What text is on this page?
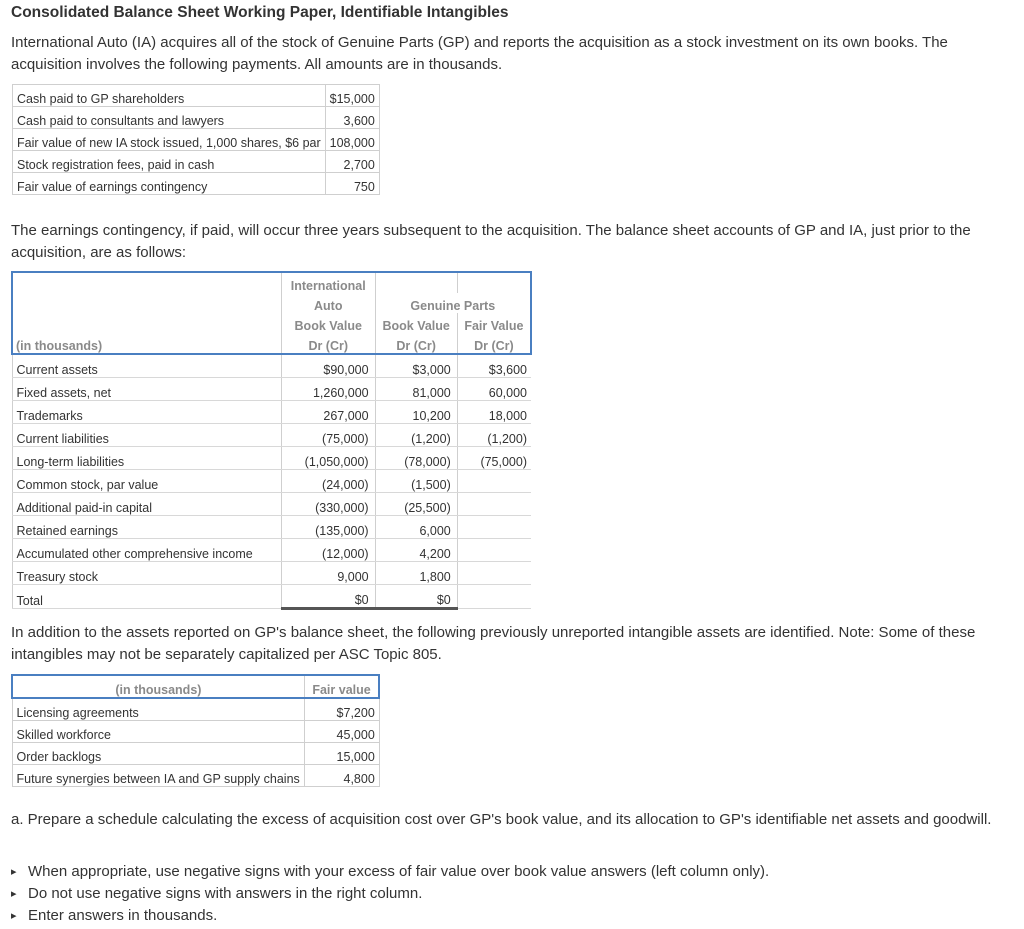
Consolidated Balance Sheet Working Paper, Identifiable Intangibles
International Auto (IA) acquires all of the stock of Genuine Parts (GP) and reports the acquisition as a stock investment on its own books. The acquisition involves the following payments. All amounts are in thousands.
Cash paid to GP shareholders	$15,000
Cash paid to consultants and lawyers	3,600
Fair value of new IA stock issued, 1,000 shares, $6 par	108,000
Stock registration fees, paid in cash	2,700
Fair value of earnings contingency	750
The earnings contingency, if paid, will occur three years subsequent to the acquisition. The balance sheet accounts of GP and IA, just prior to the acquisition, are as follows:
	International		
	Auto	Genuine Parts	
	Book Value	Book Value	Fair Value
(in thousands)	Dr (Cr)	Dr (Cr)	Dr (Cr)
Current assets	$90,000	$3,000	$3,600
Fixed assets, net	1,260,000	81,000	60,000
Trademarks	267,000	10,200	18,000
Current liabilities	(75,000)	(1,200)	(1,200)
Long-term liabilities	(1,050,000)	(78,000)	(75,000)
Common stock, par value	(24,000)	(1,500)	
Additional paid-in capital	(330,000)	(25,500)	
Retained earnings	(135,000)	6,000	
Accumulated other comprehensive income	(12,000)	4,200	
Treasury stock	9,000	1,800	
Total	$0	$0	
In addition to the assets reported on GP's balance sheet, the following previously unreported intangible assets are identified. Note: Some of these intangibles may not be separately capitalized per ASC Topic 805.
(in thousands)	Fair value
Licensing agreements	$7,200
Skilled workforce	45,000
Order backlogs	15,000
Future synergies between IA and GP supply chains	4,800
a. Prepare a schedule calculating the excess of acquisition cost over GP's book value, and its allocation to GP's identifiable net assets and goodwill.
▸ When appropriate, use negative signs with your excess of fair value over book value answers (left column only).
▸ Do not use negative signs with answers in the right column.
▸ Enter answers in thousands.
